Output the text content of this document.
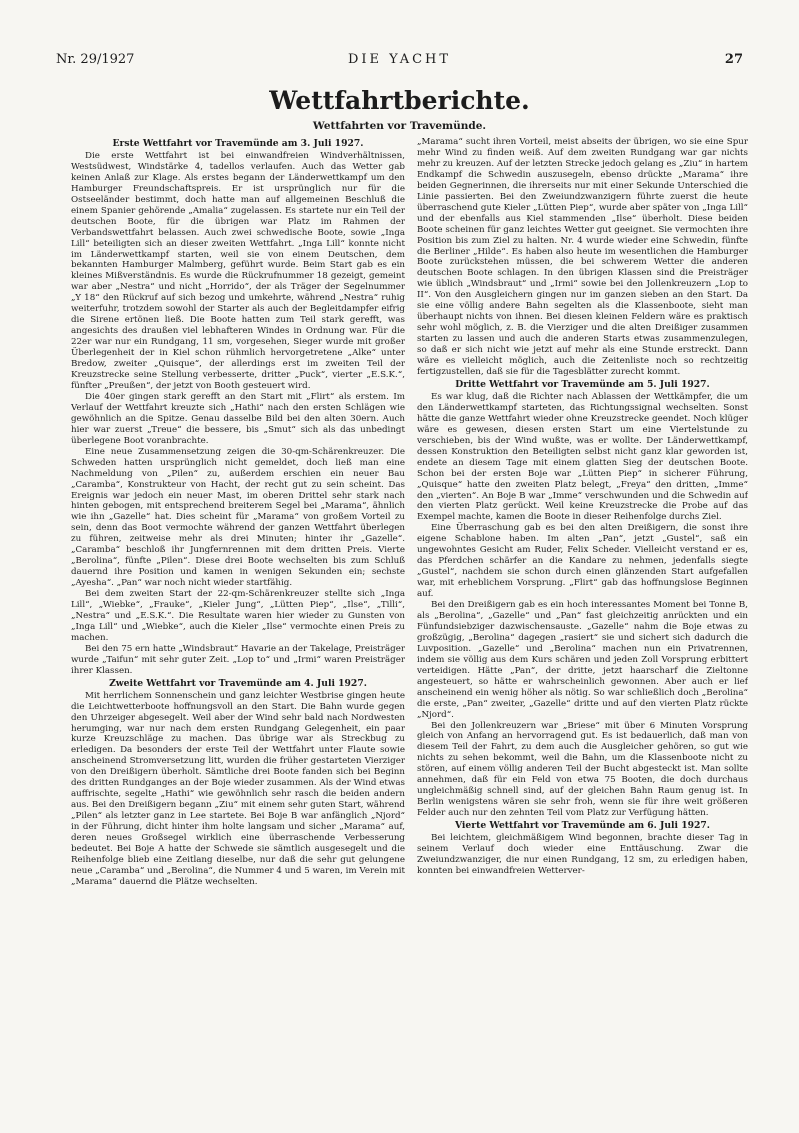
Nr. 29/1927	DIE YACHT	27
Wettfahrtberichte.
Wettfahrten vor Travemünde.
Erste Wettfahrt vor Travemünde am 3. Juli 1927.

Die erste Wettfahrt ist bei einwandfreien Windverhältnissen, Westsüdwest, Windstärke 4, tadellos verlaufen. Auch das Wetter gab keinen Anlaß zur Klage. Als erstes begann der Länderwettkampf um den Hamburger Freundschaftspreis. Er ist ursprünglich nur für die Ostseeländer bestimmt, doch hatte man auf allgemeinen Beschluß die einem Spanier gehörende „Amalia“ zugelassen. Es startete nur ein Teil der deutschen Boote, für die übrigen war Platz im Rahmen der Verbandswettfahrt belassen. Auch zwei schwedische Boote, sowie „Inga Lill“ beteiligten sich an dieser zweiten Wettfahrt. „Inga Lill“ konnte nicht im Länderwettkampf starten, weil sie von einem Deutschen, dem bekannten Hamburger Malmberg, geführt wurde. Beim Start gab es ein kleines Mißverständnis. Es wurde die Rückrufnummer 18 gezeigt, gemeint war aber „Nestra“ und nicht „Horrido“, der als Träger der Segelnummer „Y 18“ den Rückruf auf sich bezog und umkehrte, während „Nestra“ ruhig weiterfuhr, trotzdem sowohl der Starter als auch der Begleitdampfer eifrig die Sirene ertönen ließ. Die Boote hatten zum Teil stark gerefft, was angesichts des draußen viel lebhafteren Windes in Ordnung war. Für die 22er war nur ein Rundgang, 11 sm, vorgesehen, Sieger wurde mit großer Überlegenheit der in Kiel schon rühmlich hervorgetretene „Alke“ unter Bredow, zweiter „Quisque“, der allerdings erst im zweiten Teil der Kreuzstrecke seine Stellung verbesserte, dritter „Puck“, vierter „E.S.K.“, fünfter „Preußen“, der jetzt von Booth gesteuert wird.

Die 40er gingen stark gerefft an den Start mit „Flirt“ als erstem. Im Verlauf der Wettfahrt kreuzte sich „Hathi“ nach den ersten Schlägen wie gewöhnlich an die Spitze. Genau dasselbe Bild bei den alten 30ern. Auch hier war zuerst „Treue“ die bessere, bis „Smut“ sich als das unbedingt überlegene Boot voranbrachte.

Eine neue Zusammensetzung zeigen die 30-qm-Schärenkreuzer. Die Schweden hatten ursprünglich nicht gemeldet, doch ließ man eine Nachmeldung von „Pilen“ zu, außerdem erschien ein neuer Bau „Caramba“, Konstrukteur von Hacht, der recht gut zu sein scheint. Das Ereignis war jedoch ein neuer Mast, im oberen Drittel sehr stark nach hinten gebogen, mit entsprechend breiterem Segel bei „Marama“, ähnlich wie ihn „Gazelle“ hat. Dies scheint für „Marama“ von großem Vorteil zu sein, denn das Boot vermochte während der ganzen Wettfahrt überlegen zu führen, zeitweise mehr als drei Minuten; hinter ihr „Gazelle“. „Caramba“ beschloß ihr Jungfernrennen mit dem dritten Preis. Vierte „Berolina“, fünfte „Pilen“. Diese drei Boote wechselten bis zum Schluß dauernd ihre Position und kamen in wenigen Sekunden ein; sechste „Ayesha“. „Pan“ war noch nicht wieder startfähig.

Bei dem zweiten Start der 22-qm-Schärenkreuzer stellte sich „Inga Lill“, „Wiebke“, „Frauke“, „Kieler Jung“, „Lütten Piep“, „Ilse“, „Tilli“, „Nestra“ und „E.S.K.“. Die Resultate waren hier wieder zu Gunsten von „Inga Lill“ und „Wiebke“, auch die Kieler „Ilse“ vermochte einen Preis zu machen.

Bei den 75 ern hatte „Windsbraut“ Havarie an der Takelage, Preisträger wurde „Taifun“ mit sehr guter Zeit. „Lop to“ und „Irmi“ waren Preisträger ihrer Klassen.

Zweite Wettfahrt vor Travemünde am 4. Juli 1927.

Mit herrlichem Sonnenschein und ganz leichter Westbrise gingen heute die Leichtwetterboote hoffnungsvoll an den Start. Die Bahn wurde gegen den Uhrzeiger abgesegelt. Weil aber der Wind sehr bald nach Nordwesten herumging, war nur nach dem ersten Rundgang Gelegenheit, ein paar kurze Kreuzschläge zu machen. Das übrige war als Streckbug zu erledigen. Da besonders der erste Teil der Wettfahrt unter Flaute sowie anscheinend Stromversetzung litt, wurden die früher gestarteten Vierziger von den Dreißigern überholt. Sämtliche drei Boote fanden sich bei Beginn des dritten Rundganges an der Boje wieder zusammen. Als der Wind etwas auffrischte, segelte „Hathi“ wie gewöhnlich sehr rasch die beiden andern aus. Bei den Dreißigern begann „Ziu“ mit einem sehr guten Start, während „Pilen“ als letzter ganz in Lee startete. Bei Boje B war anfänglich „Njord“ in der Führung, dicht hinter ihm holte langsam und sicher „Marama“ auf, deren neues Großsegel wirklich eine überraschende Verbesserung bedeutet. Bei Boje A hatte der Schwede sie sämtlich ausgesegelt und die Reihenfolge blieb eine Zeitlang dieselbe, nur daß die sehr gut gelungene neue „Caramba“ und „Berolina“, die Nummer 4 und 5 waren, im Verein mit „Marama“ dauernd die Plätze wechselten.

„Marama“ sucht ihren Vorteil, meist abseits der übrigen, wo sie eine Spur mehr Wind zu finden weiß. Auf dem zweiten Rundgang war gar nichts mehr zu kreuzen. Auf der letzten Strecke jedoch gelang es „Ziu“ in hartem Endkampf die Schwedin auszusegeln, ebenso drückte „Marama“ ihre beiden Gegnerinnen, die ihrerseits nur mit einer Sekunde Unterschied die Linie passierten. Bei den Zweiundzwanzigern führte zuerst die heute überraschend gute Kieler „Lütten Piep“, wurde aber später von „Inga Lill“ und der ebenfalls aus Kiel stammenden „Ilse“ überholt. Diese beiden Boote scheinen für ganz leichtes Wetter gut geeignet. Sie vermochten ihre Position bis zum Ziel zu halten. Nr. 4 wurde wieder eine Schwedin, fünfte die Berliner „Hilde“. Es haben also heute im wesentlichen die Hamburger Boote zurückstehen müssen, die bei schwerem Wetter die anderen deutschen Boote schlagen. In den übrigen Klassen sind die Preisträger wie üblich „Windsbraut“ und „Irmi“ sowie bei den Jollenkreuzern „Lop to II“. Von den Ausgleichern gingen nur im ganzen sieben an den Start. Da sie eine völlig andere Bahn segelten als die Klassenboote, sieht man überhaupt nichts von ihnen. Bei diesen kleinen Feldern wäre es praktisch sehr wohl möglich, z. B. die Vierziger und die alten Dreißiger zusammen starten zu lassen und auch die anderen Starts etwas zusammenzulegen, so daß er sich nicht wie jetzt auf mehr als eine Stunde erstreckt. Dann wäre es vielleicht möglich, auch die Zeitenliste noch so rechtzeitig fertigzustellen, daß sie für die Tagesblätter zurecht kommt.

Dritte Wettfahrt vor Travemünde am 5. Juli 1927.

Es war klug, daß die Richter nach Ablassen der Wettkämpfer, die um den Länderwettkampf starteten, das Richtungssignal wechselten. Sonst hätte die ganze Wettfahrt wieder ohne Kreuzstrecke geendet. Noch klüger wäre es gewesen, diesen ersten Start um eine Viertelstunde zu verschieben, bis der Wind wußte, was er wollte. Der Länderwettkampf, dessen Konstruktion den Beteiligten selbst nicht ganz klar geworden ist, endete an diesem Tage mit einem glatten Sieg der deutschen Boote. Schon bei der ersten Boje war „Lütten Piep“ in sicherer Führung, „Quisque“ hatte den zweiten Platz belegt, „Freya“ den dritten, „Imme“ den „vierten“. An Boje B war „Imme“ verschwunden und die Schwedin auf den vierten Platz gerückt. Weil keine Kreuzstrecke die Probe auf das Exempel machte, kamen die Boote in dieser Reihenfolge durchs Ziel.

Eine Überraschung gab es bei den alten Dreißigern, die sonst ihre eigene Schablone haben. Im alten „Pan“, jetzt „Gustel“, saß ein ungewohntes Gesicht am Ruder, Felix Scheder. Vielleicht verstand er es, das Pferdchen schärfer an die Kandare zu nehmen, jedenfalls siegte „Gustel“, nachdem sie schon durch einen glänzenden Start aufgefallen war, mit erheblichem Vorsprung. „Flirt“ gab das hoffnungslose Beginnen auf.

Bei den Dreißigern gab es ein hoch interessantes Moment bei Tonne B, als „Berolina“, „Gazelle“ und „Pan“ fast gleichzeitig anrückten und ein Fünfundsiebziger dazwischensauste. „Gazelle“ nahm die Boje etwas zu großzügig, „Berolina“ dagegen „rasiert“ sie und sichert sich dadurch die Luvposition. „Gazelle“ und „Berolina“ machen nun ein Privatrennen, indem sie völlig aus dem Kurs schären und jeden Zoll Vorsprung erbittert verteidigen. Hätte „Pan“, der dritte, jetzt haarscharf die Zieltonne angesteuert, so hätte er wahrscheinlich gewonnen. Aber auch er lief anscheinend ein wenig höher als nötig. So war schließlich doch „Berolina“ die erste, „Pan“ zweiter, „Gazelle“ dritte und auf den vierten Platz rückte „Njord“.

Bei den Jollenkreuzern war „Briese“ mit über 6 Minuten Vorsprung gleich von Anfang an hervorragend gut. Es ist bedauerlich, daß man von diesem Teil der Fahrt, zu dem auch die Ausgleicher gehören, so gut wie nichts zu sehen bekommt, weil die Bahn, um die Klassenboote nicht zu stören, auf einem völlig anderen Teil der Bucht abgesteckt ist. Man sollte annehmen, daß für ein Feld von etwa 75 Booten, die doch durchaus ungleichmäßig schnell sind, auf der gleichen Bahn Raum genug ist. In Berlin wenigstens wären sie sehr froh, wenn sie für ihre weit größeren Felder auch nur den zehnten Teil vom Platz zur Verfügung hätten.

Vierte Wettfahrt vor Travemünde am 6. Juli 1927.

Bei leichtem, gleichmäßigem Wind begonnen, brachte dieser Tag in seinem Verlauf doch wieder eine Enttäuschung. Zwar die Zweiundzwanziger, die nur einen Rundgang, 12 sm, zu erledigen haben, konnten bei einwandfreien Wetterver-
